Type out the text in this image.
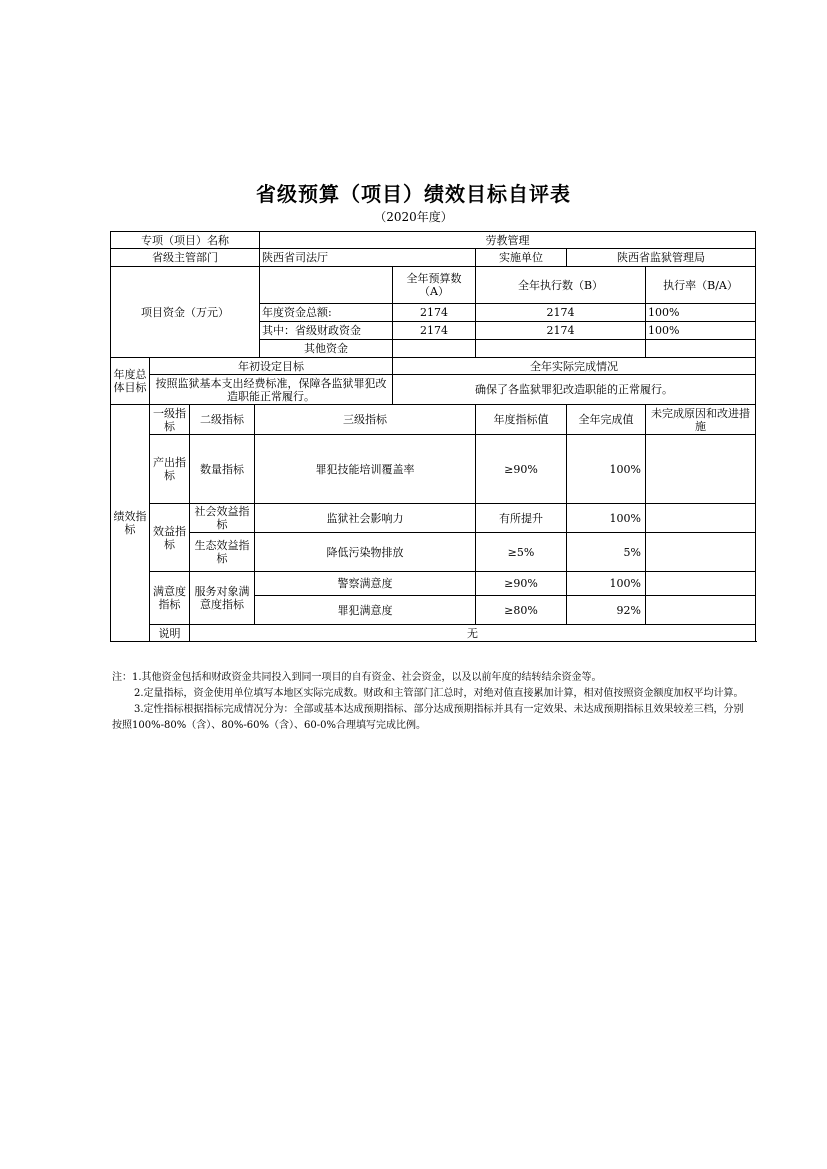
省级预算（项目）绩效目标自评表
（2020年度）
专项（项目）名称				劳教管理				
省级主管部门				陕西省司法厅		实施单位	陕西省监狱管理局	
项目资金（万元）					全年预算数（A）	全年执行数（B）		执行率（B/A）
				年度资金总额:	2174	2174		100%
				其中：省级财政资金	2174	2174		100%
				其他资金				
年度总体目标	年初设定目标				全年实际完成情况			
	按照监狱基本支出经费标准，保障各监狱罪犯改造职能正常履行。				确保了各监狱罪犯改造职能的正常履行。			
绩效指标	一级指标	二级指标	三级指标			年度指标值	全年完成值	未完成原因和改进措施
	产出指标	数量指标	罪犯技能培训覆盖率			≥90%	100%	
	效益指标	社会效益指标	监狱社会影响力			有所提升	100%	
		生态效益指标	降低污染物排放			≥5%	5%	
	满意度指标	服务对象满意度指标	警察满意度			≥90%	100%	
			罪犯满意度			≥80%	92%	
	说明	无						

注：1.其他资金包括和财政资金共同投入到同一项目的自有资金、社会资金，以及以前年度的结转结余资金等。

2.定量指标，资金使用单位填写本地区实际完成数。财政和主管部门汇总时，对绝对值直接累加计算，相对值按照资金额度加权平均计算。

3.定性指标根据指标完成情况分为：全部或基本达成预期指标、部分达成预期指标并具有一定效果、未达成预期指标且效果较差三档，分别按照100%-80%（含）、80%-60%（含）、60-0%合理填写完成比例。
